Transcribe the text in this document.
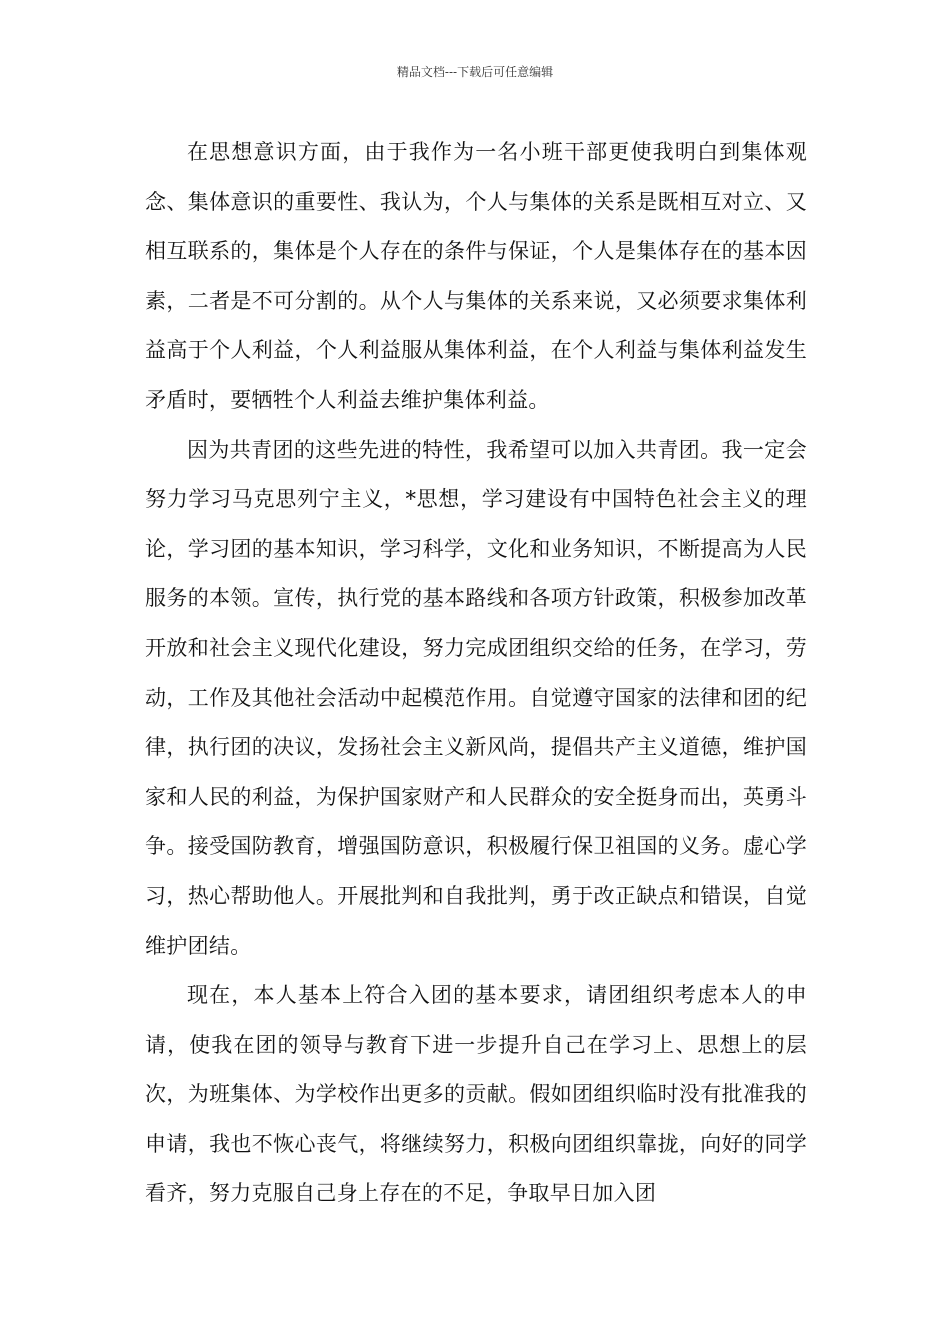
精品文档---下载后可任意编辑

在思想意识方面，由于我作为一名小班干部更使我明白到集体观念、集体意识的重要性、我认为，个人与集体的关系是既相互对立、又相互联系的，集体是个人存在的条件与保证，个人是集体存在的基本因素，二者是不可分割的。从个人与集体的关系来说，又必须要求集体利益高于个人利益，个人利益服从集体利益，在个人利益与集体利益发生矛盾时，要牺牲个人利益去维护集体利益。

因为共青团的这些先进的特性，我希望可以加入共青团。我一定会努力学习马克思列宁主义，*思想，学习建设有中国特色社会主义的理论，学习团的基本知识，学习科学，文化和业务知识，不断提高为人民服务的本领。宣传，执行党的基本路线和各项方针政策，积极参加改革开放和社会主义现代化建设，努力完成团组织交给的任务，在学习，劳动，工作及其他社会活动中起模范作用。自觉遵守国家的法律和团的纪律，执行团的决议，发扬社会主义新风尚，提倡共产主义道德，维护国家和人民的利益，为保护国家财产和人民群众的安全挺身而出，英勇斗争。接受国防教育，增强国防意识，积极履行保卫祖国的义务。虚心学习，热心帮助他人。开展批判和自我批判，勇于改正缺点和错误，自觉维护团结。

现在，本人基本上符合入团的基本要求，请团组织考虑本人的申请，使我在团的领导与教育下进一步提升自己在学习上、思想上的层次，为班集体、为学校作出更多的贡献。假如团组织临时没有批准我的申请，我也不恢心丧气，将继续努力，积极向团组织靠拢，向好的同学看齐，努力克服自己身上存在的不足，争取早日加入团
